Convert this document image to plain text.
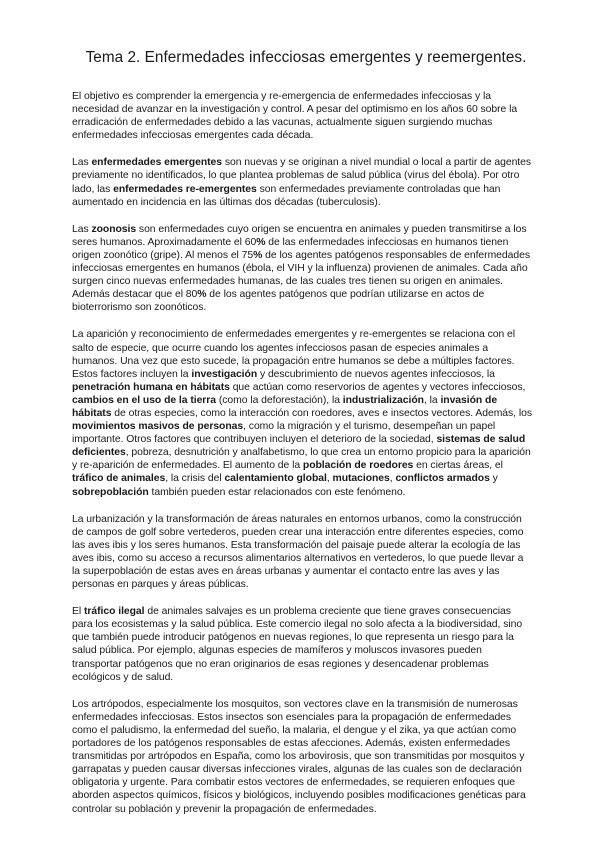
Tema 2. Enfermedades infecciosas emergentes y reemergentes.

El objetivo es comprender la emergencia y re-emergencia de enfermedades infecciosas y la necesidad de avanzar en la investigación y control. A pesar del optimismo en los años 60 sobre la erradicación de enfermedades debido a las vacunas, actualmente siguen surgiendo muchas enfermedades infecciosas emergentes cada década.

Las enfermedades emergentes son nuevas y se originan a nivel mundial o local a partir de agentes previamente no identificados, lo que plantea problemas de salud pública (virus del ébola). Por otro lado, las enfermedades re-emergentes son enfermedades previamente controladas que han aumentado en incidencia en las últimas dos décadas (tuberculosis).

Las zoonosis son enfermedades cuyo origen se encuentra en animales y pueden transmitirse a los seres humanos. Aproximadamente el 60% de las enfermedades infecciosas en humanos tienen origen zoonótico (gripe). Al menos el 75% de los agentes patógenos responsables de enfermedades infecciosas emergentes en humanos (ébola, el VIH y la influenza) provienen de animales. Cada año surgen cinco nuevas enfermedades humanas, de las cuales tres tienen su origen en animales. Además destacar que el 80% de los agentes patógenos que podrían utilizarse en actos de bioterrorismo son zoonóticos.

La aparición y reconocimiento de enfermedades emergentes y re-emergentes se relaciona con el salto de especie, que ocurre cuando los agentes infecciosos pasan de especies animales a humanos. Una vez que esto sucede, la propagación entre humanos se debe a múltiples factores. Estos factores incluyen la investigación y descubrimiento de nuevos agentes infecciosos, la penetración humana en hábitats que actúan como reservorios de agentes y vectores infecciosos, cambios en el uso de la tierra (como la deforestación), la industrialización, la invasión de hábitats de otras especies, como la interacción con roedores, aves e insectos vectores. Además, los movimientos masivos de personas, como la migración y el turismo, desempeñan un papel importante. Otros factores que contribuyen incluyen el deterioro de la sociedad, sistemas de salud deficientes, pobreza, desnutrición y analfabetismo, lo que crea un entorno propicio para la aparición y re-aparición de enfermedades. El aumento de la población de roedores en ciertas áreas, el tráfico de animales, la crisis del calentamiento global, mutaciones, conflictos armados y sobrepoblación también pueden estar relacionados con este fenómeno.

La urbanización y la transformación de áreas naturales en entornos urbanos, como la construcción de campos de golf sobre vertederos, pueden crear una interacción entre diferentes especies, como las aves ibis y los seres humanos. Esta transformación del paisaje puede alterar la ecología de las aves ibis, como su acceso a recursos alimentarios alternativos en vertederos, lo que puede llevar a la superpoblación de estas aves en áreas urbanas y aumentar el contacto entre las aves y las personas en parques y áreas públicas.

El tráfico ilegal de animales salvajes es un problema creciente que tiene graves consecuencias para los ecosistemas y la salud pública. Este comercio ilegal no solo afecta a la biodiversidad, sino que también puede introducir patógenos en nuevas regiones, lo que representa un riesgo para la salud pública. Por ejemplo, algunas especies de mamíferos y moluscos invasores pueden transportar patógenos que no eran originarios de esas regiones y desencadenar problemas ecológicos y de salud.

Los artrópodos, especialmente los mosquitos, son vectores clave en la transmisión de numerosas enfermedades infecciosas. Estos insectos son esenciales para la propagación de enfermedades como el paludismo, la enfermedad del sueño, la malaria, el dengue y el zika, ya que actúan como portadores de los patógenos responsables de estas afecciones. Además, existen enfermedades transmitidas por artrópodos en España, como los arbovirosis, que son transmitidas por mosquitos y garrapatas y pueden causar diversas infecciones virales, algunas de las cuales son de declaración obligatoria y urgente. Para combatir estos vectores de enfermedades, se requieren enfoques que aborden aspectos químicos, físicos y biológicos, incluyendo posibles modificaciones genéticas para controlar su población y prevenir la propagación de enfermedades.
